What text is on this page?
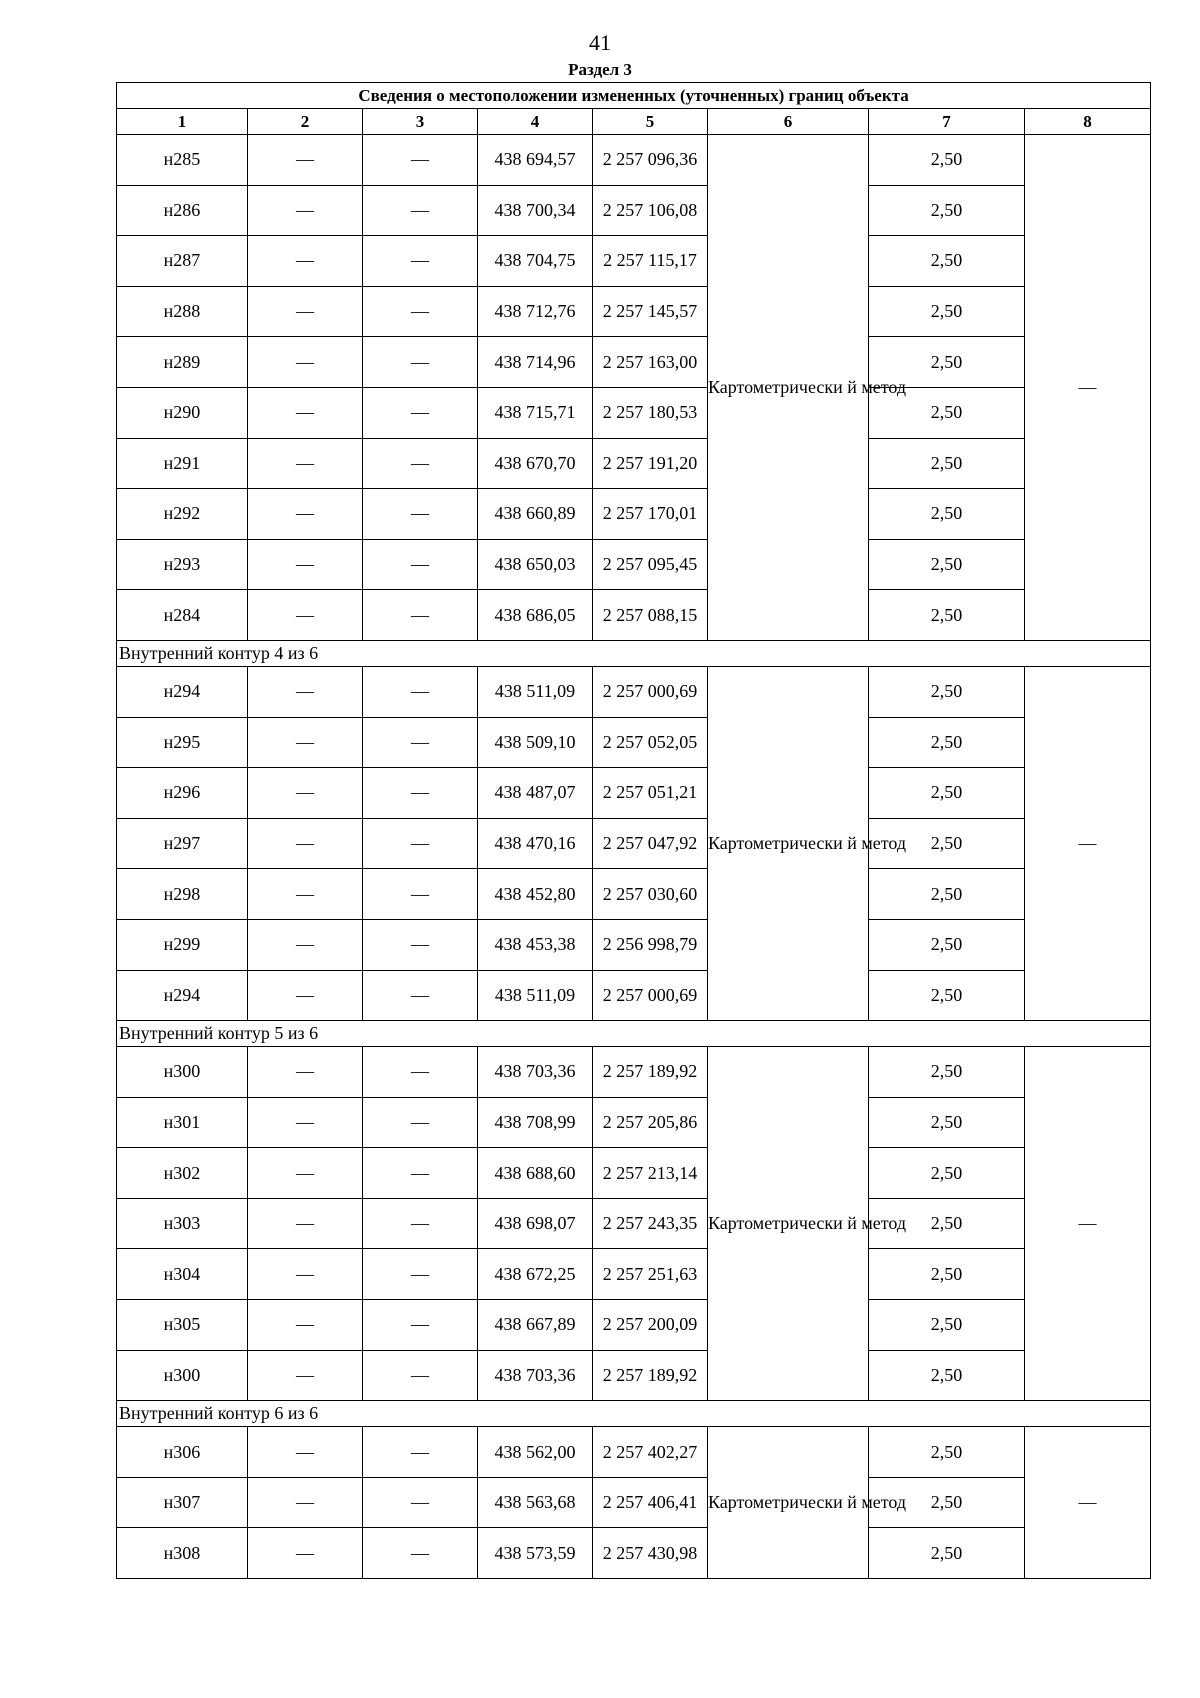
41
Раздел 3
Сведения о местоположении измененных (уточненных) границ объекта							
1	2	3	4	5	6	7	8
н285	—	—	438 694,57	2 257 096,36	Картометрически й метод	2,50	—
н286	—	—	438 700,34	2 257 106,08		2,50	
н287	—	—	438 704,75	2 257 115,17		2,50	
н288	—	—	438 712,76	2 257 145,57		2,50	
н289	—	—	438 714,96	2 257 163,00		2,50	
н290	—	—	438 715,71	2 257 180,53		2,50	
н291	—	—	438 670,70	2 257 191,20		2,50	
н292	—	—	438 660,89	2 257 170,01		2,50	
н293	—	—	438 650,03	2 257 095,45		2,50	
н284	—	—	438 686,05	2 257 088,15		2,50	
Внутренний контур 4 из 6							
н294	—	—	438 511,09	2 257 000,69	Картометрически й метод	2,50	—
н295	—	—	438 509,10	2 257 052,05		2,50	
н296	—	—	438 487,07	2 257 051,21		2,50	
н297	—	—	438 470,16	2 257 047,92		2,50	
н298	—	—	438 452,80	2 257 030,60		2,50	
н299	—	—	438 453,38	2 256 998,79		2,50	
н294	—	—	438 511,09	2 257 000,69		2,50	
Внутренний контур 5 из 6							
н300	—	—	438 703,36	2 257 189,92	Картометрически й метод	2,50	—
н301	—	—	438 708,99	2 257 205,86		2,50	
н302	—	—	438 688,60	2 257 213,14		2,50	
н303	—	—	438 698,07	2 257 243,35		2,50	
н304	—	—	438 672,25	2 257 251,63		2,50	
н305	—	—	438 667,89	2 257 200,09		2,50	
н300	—	—	438 703,36	2 257 189,92		2,50	
Внутренний контур 6 из 6							
н306	—	—	438 562,00	2 257 402,27	Картометрически й метод	2,50	—
н307	—	—	438 563,68	2 257 406,41		2,50	
н308	—	—	438 573,59	2 257 430,98		2,50	
